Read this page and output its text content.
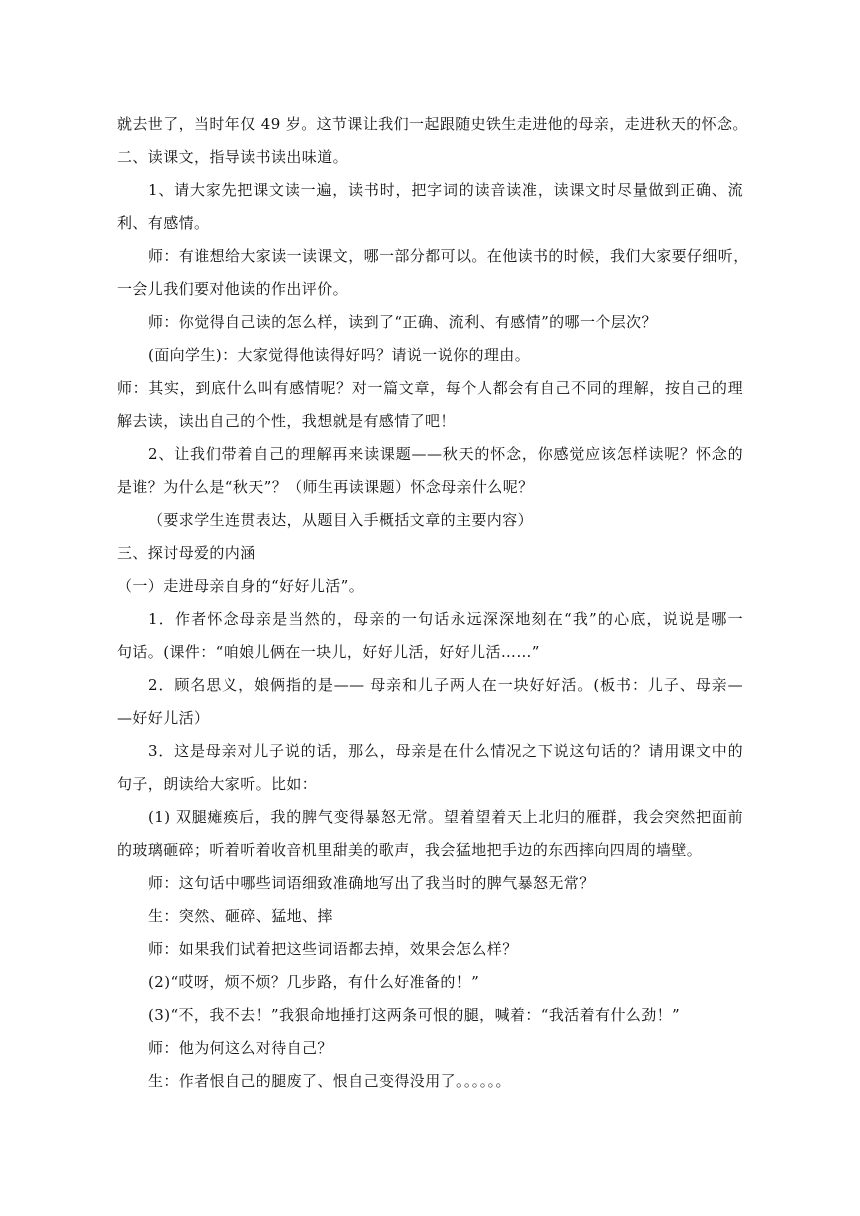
就去世了，当时年仅 49 岁。这节课让我们一起跟随史铁生走进他的母亲，走进秋天的怀念。
二、读课文，指导读书读出味道。
1、请大家先把课文读一遍，读书时，把字词的读音读准，读课文时尽量做到正确、流
利、有感情。
师：有谁想给大家读一读课文，哪一部分都可以。在他读书的时候，我们大家要仔细听，
一会儿我们要对他读的作出评价。
师：你觉得自己读的怎么样，读到了“正确、流利、有感情”的哪一个层次？
(面向学生)：大家觉得他读得好吗？请说一说你的理由。
师：其实，到底什么叫有感情呢？对一篇文章，每个人都会有自己不同的理解，按自己的理
解去读，读出自己的个性，我想就是有感情了吧！
2、让我们带着自己的理解再来读课题——秋天的怀念，你感觉应该怎样读呢？怀念的
是谁？为什么是“秋天”？（师生再读课题）怀念母亲什么呢？
（要求学生连贯表达，从题目入手概括文章的主要内容）
三、探讨母爱的内涵
（一）走进母亲自身的“好好儿活”。
1．作者怀念母亲是当然的，母亲的一句话永远深深地刻在“我”的心底，说说是哪一
句话。(课件：“咱娘儿俩在一块儿，好好儿活，好好儿活……”
2．顾名思义，娘俩指的是—— 母亲和儿子两人在一块好好活。(板书：儿子、母亲—
—好好儿活）
3．这是母亲对儿子说的话，那么，母亲是在什么情况之下说这句话的？请用课文中的
句子，朗读给大家听。比如：
(1) 双腿瘫痪后，我的脾气变得暴怒无常。望着望着天上北归的雁群，我会突然把面前
的玻璃砸碎；听着听着收音机里甜美的歌声，我会猛地把手边的东西摔向四周的墙壁。
师：这句话中哪些词语细致准确地写出了我当时的脾气暴怒无常？
生：突然、砸碎、猛地、摔
师：如果我们试着把这些词语都去掉，效果会怎么样？
(2)“哎呀，烦不烦？几步路，有什么好准备的！”
(3)“不，我不去！”我狠命地捶打这两条可恨的腿，喊着：“我活着有什么劲！”
师：他为何这么对待自己？
生：作者恨自己的腿废了、恨自己变得没用了。。。。。。
